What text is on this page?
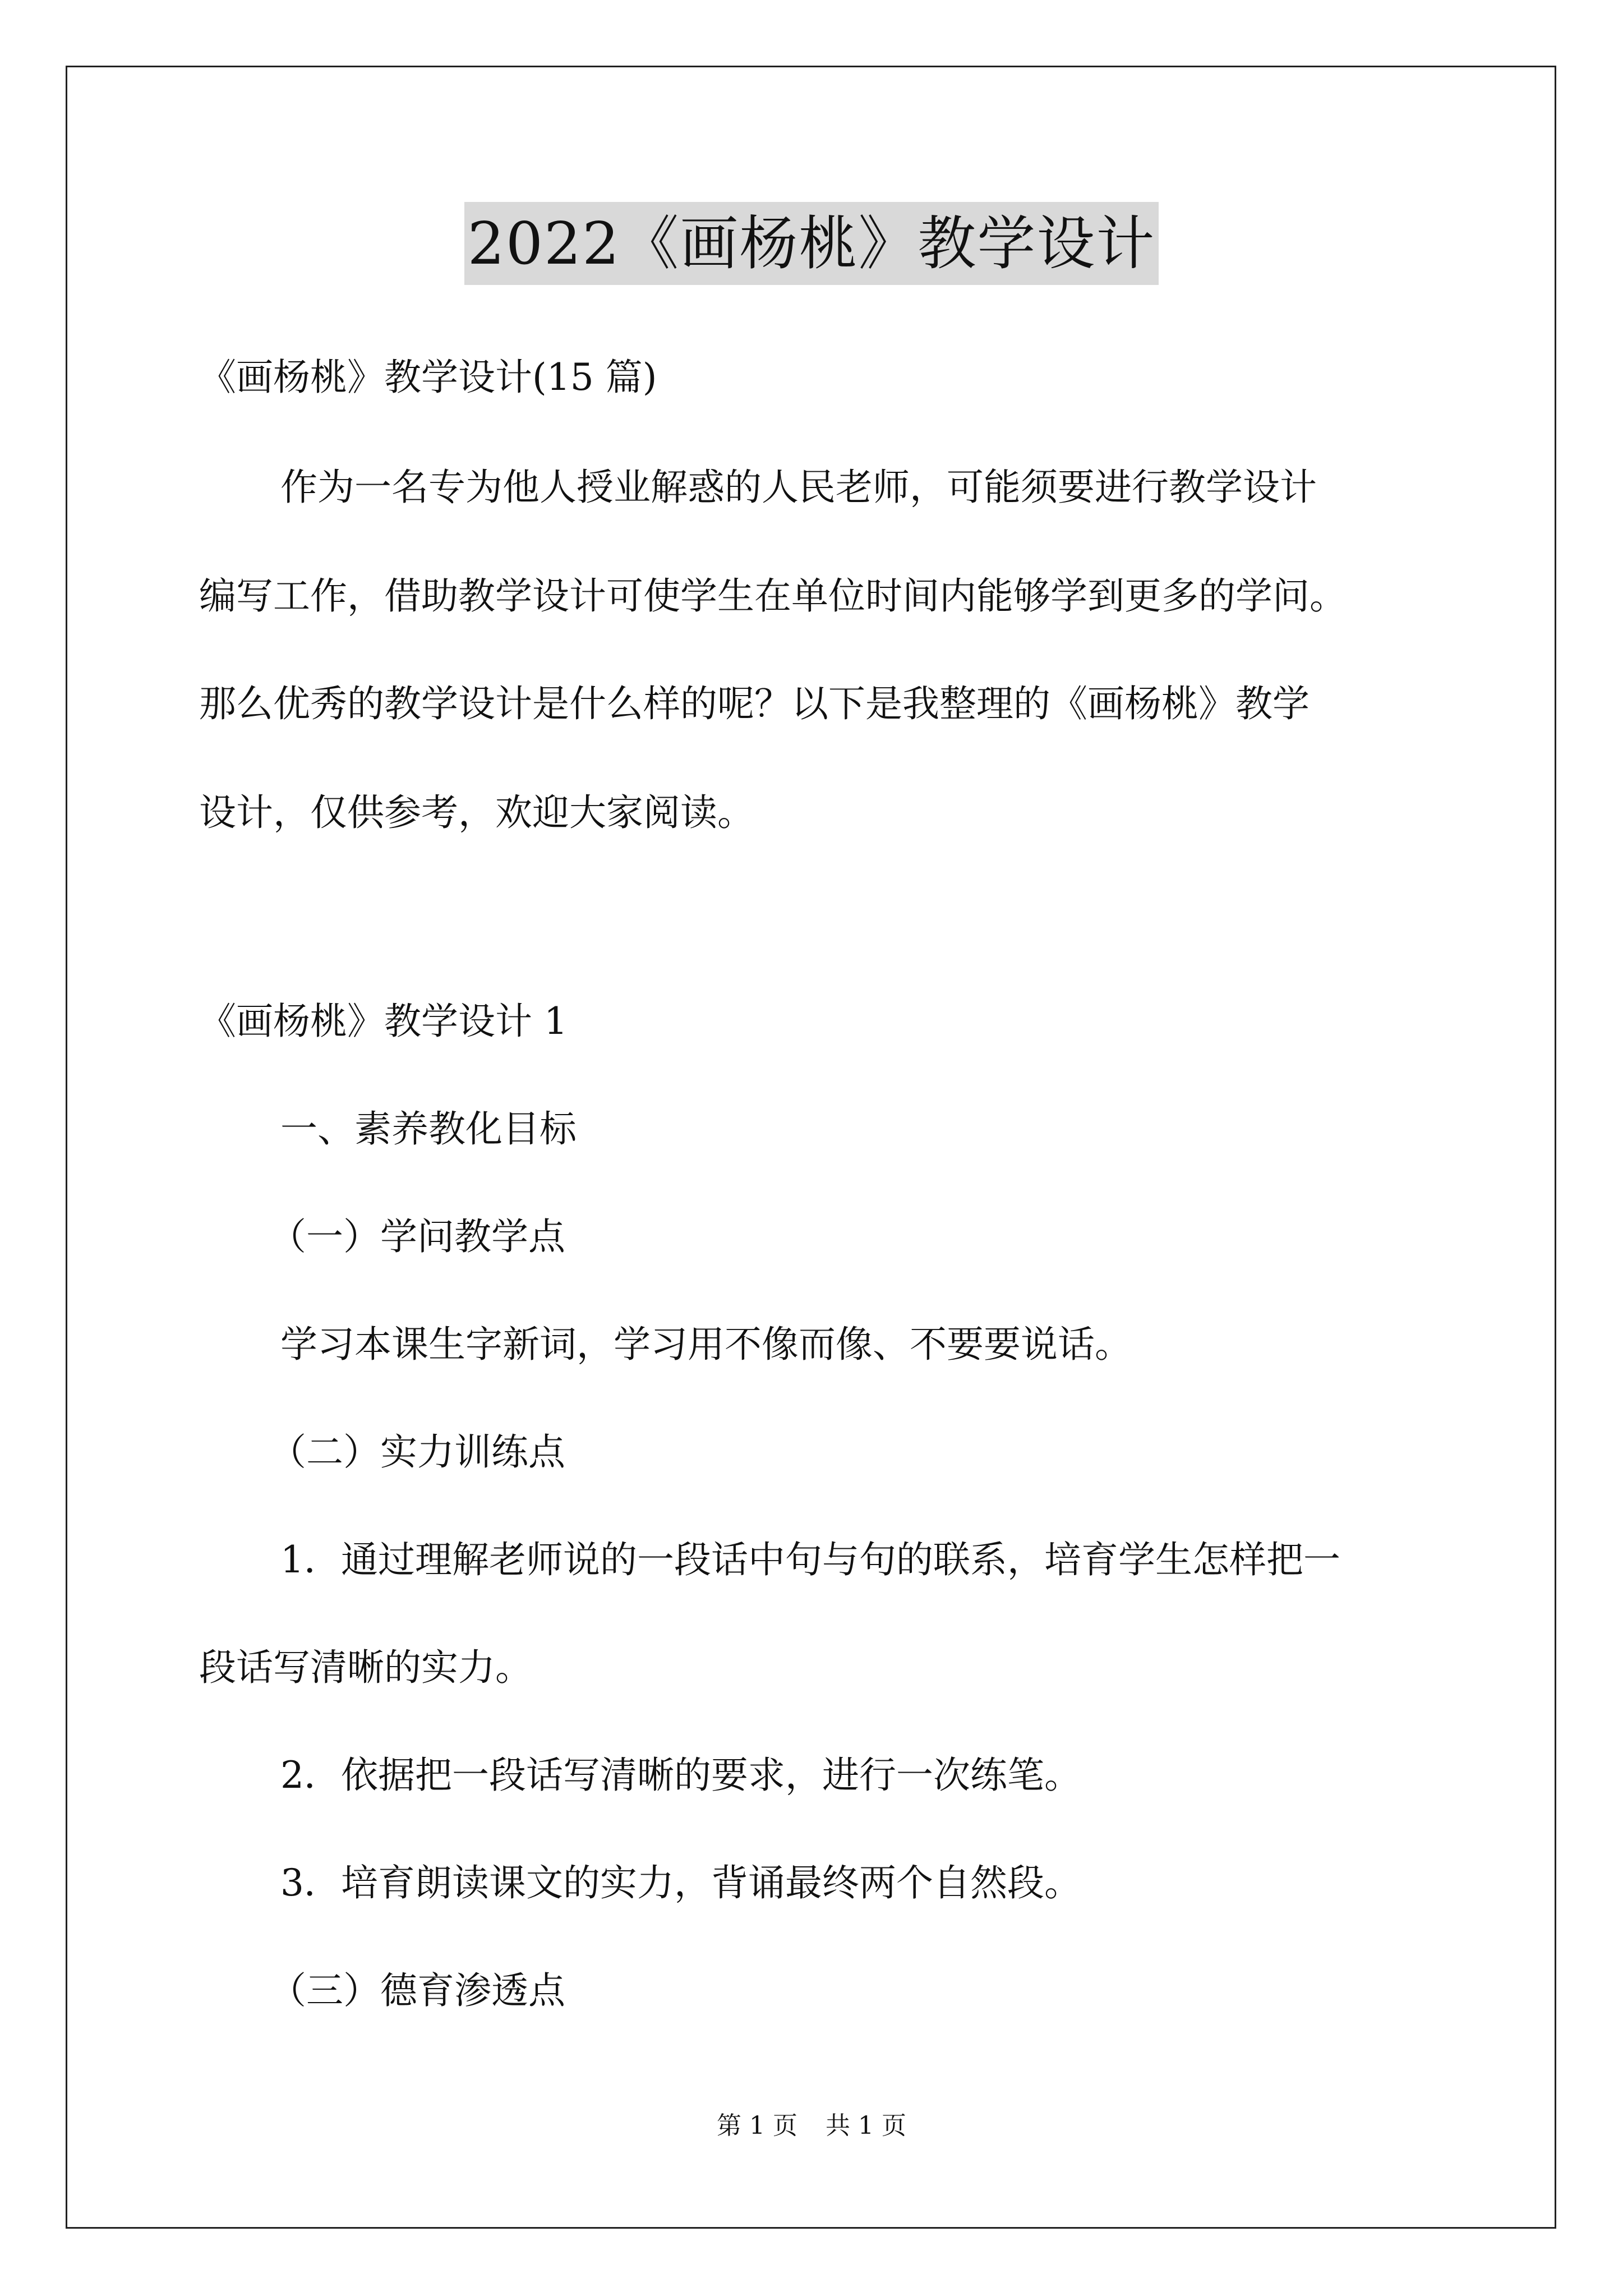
2022《画杨桃》教学设计
《画杨桃》教学设计(15 篇)
作为一名专为他人授业解惑的人民老师，可能须要进行教学设计
编写工作，借助教学设计可使学生在单位时间内能够学到更多的学问。
那么优秀的教学设计是什么样的呢？以下是我整理的《画杨桃》教学
设计，仅供参考，欢迎大家阅读。
《画杨桃》教学设计 1
一、素养教化目标
（一）学问教学点
学习本课生字新词，学习用不像而像、不要要说话。
（二）实力训练点
1．通过理解老师说的一段话中句与句的联系，培育学生怎样把一
段话写清晰的实力。
2．依据把一段话写清晰的要求，进行一次练笔。
3．培育朗读课文的实力，背诵最终两个自然段。
（三）德育渗透点
第 1 页 共 1 页
